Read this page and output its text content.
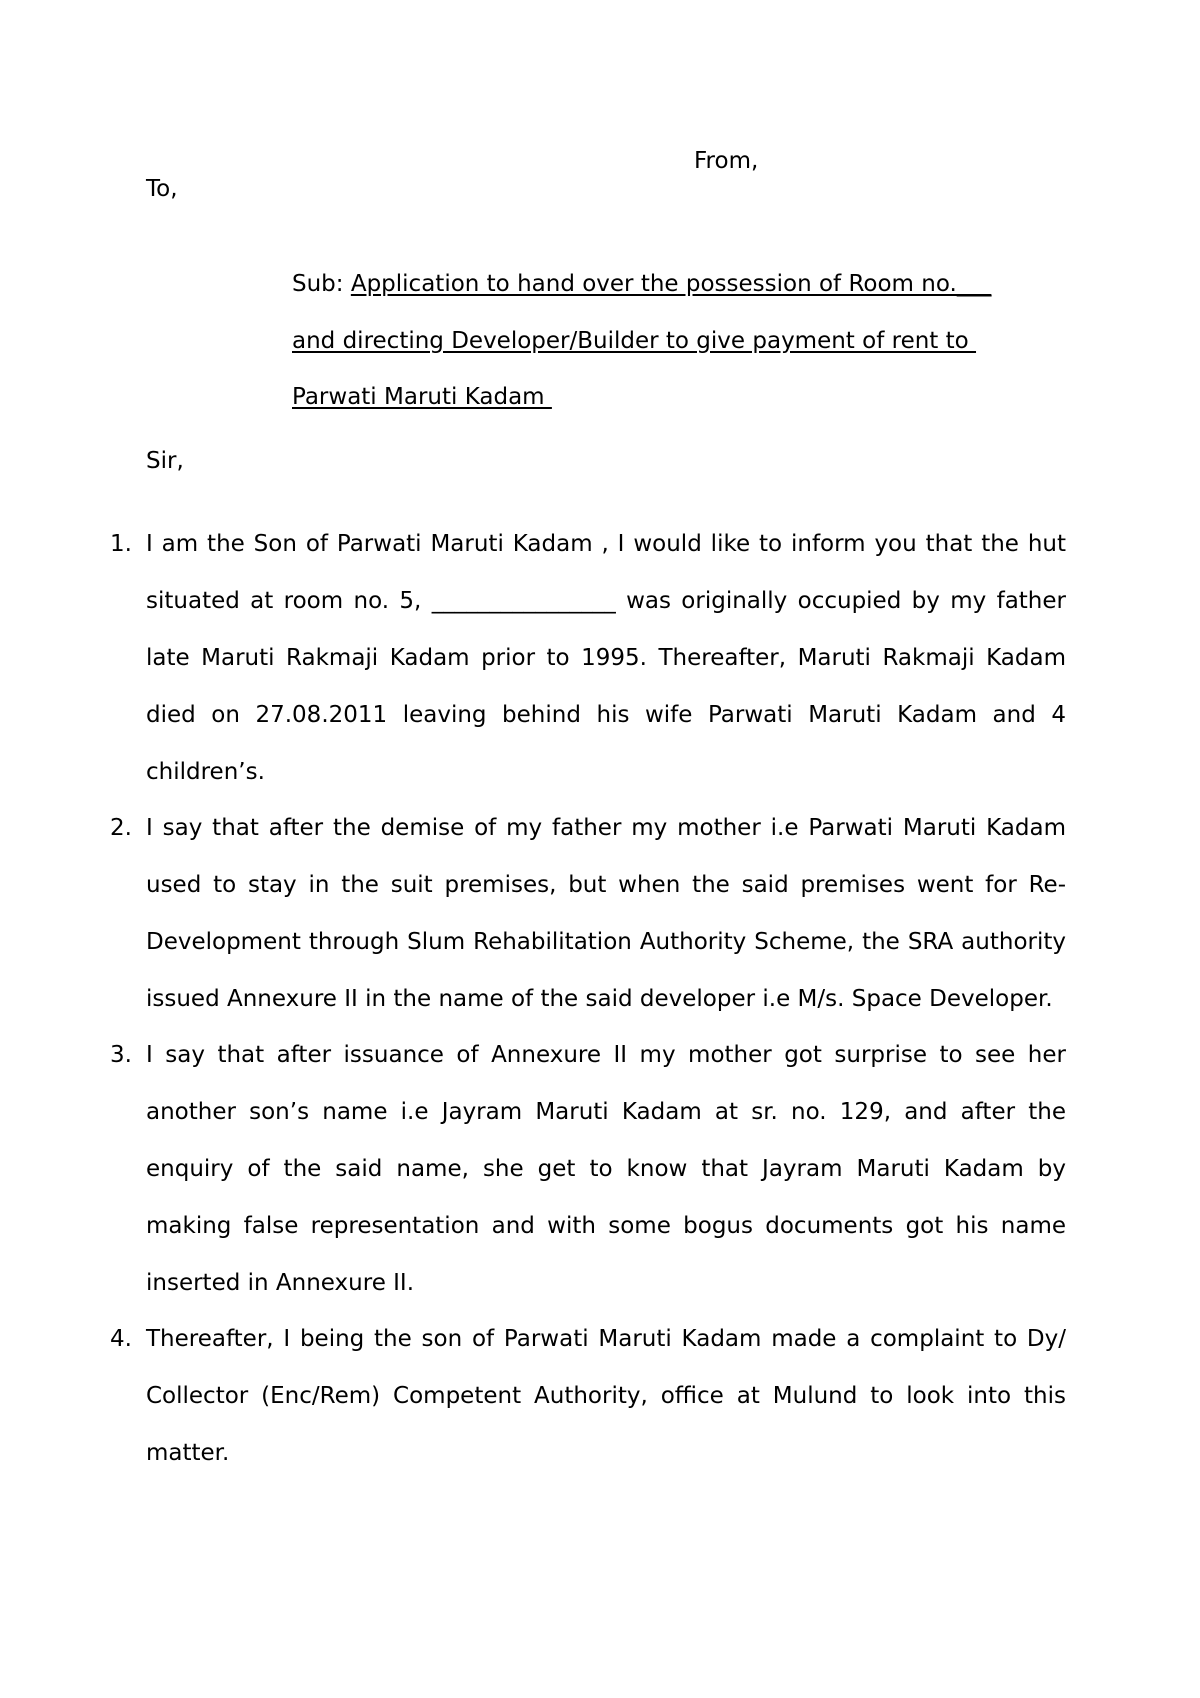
From,
To,
Sub: Application to hand over the possession of Room no.___
and directing Developer/Builder to give payment of rent to
Parwati Maruti Kadam
Sir,
1. I am the Son of Parwati Maruti Kadam , I would like to inform you that the hut situated at room no. 5, ________________ was originally occupied by my father late Maruti Rakmaji Kadam prior to 1995. Thereafter, Maruti Rakmaji Kadam died on 27.08.2011 leaving behind his wife Parwati Maruti Kadam and 4 children’s.
2. I say that after the demise of my father my mother i.e Parwati Maruti Kadam used to stay in the suit premises, but when the said premises went for Re-Development through Slum Rehabilitation Authority Scheme, the SRA authority issued Annexure II in the name of the said developer i.e M/s. Space Developer.
3. I say that after issuance of Annexure II my mother got surprise to see her another son’s name i.e Jayram Maruti Kadam at sr. no. 129, and after the enquiry of the said name, she get to know that Jayram Maruti Kadam by making false representation and with some bogus documents got his name inserted in Annexure II.
4. Thereafter, I being the son of Parwati Maruti Kadam made a complaint to Dy/ Collector (Enc/Rem) Competent Authority, office at Mulund to look into this matter.
